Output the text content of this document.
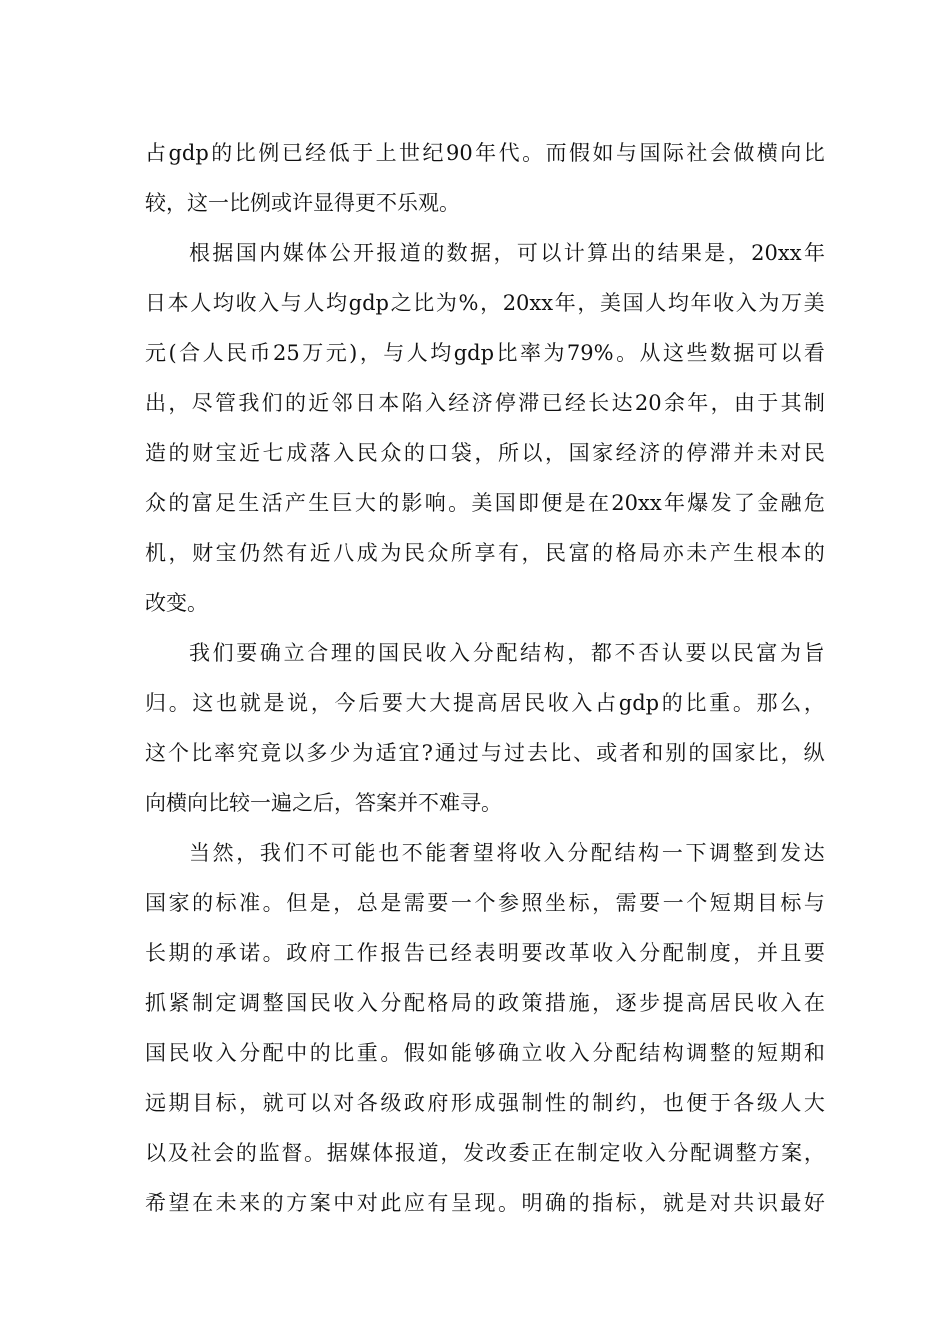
占 gdp 的 比 例 已 经 低 于 上 世 纪 90 年 代 。 而 假 如 与 国 际 社 会 做 横 向 比
较，这一比例或许显得更不乐观。
根 据 国 内 媒 体 公 开 报 道 的 数 据 ， 可 以 计 算 出 的 结 果 是 ， 20xx 年
日 本 人 均 收 入 与 人 均 gdp 之 比 为 % ， 20xx 年 ， 美 国 人 均 年 收 入 为 万 美
元 ( 合 人 民 币 25 万 元 ) ， 与 人 均 gdp 比 率 为 79% 。 从 这 些 数 据 可 以 看
出 ， 尽 管 我 们 的 近 邻 日 本 陷 入 经 济 停 滞 已 经 长 达 20 余 年 ， 由 于 其 制
造 的 财 宝 近 七 成 落 入 民 众 的 口 袋 ， 所 以 ， 国 家 经 济 的 停 滞 并 未 对 民
众 的 富 足 生 活 产 生 巨 大 的 影 响 。 美 国 即 便 是 在 20xx 年 爆 发 了 金 融 危
机 ， 财 宝 仍 然 有 近 八 成 为 民 众 所 享 有 ， 民 富 的 格 局 亦 未 产 生 根 本 的
改变。
我 们 要 确 立 合 理 的 国 民 收 入 分 配 结 构 ， 都 不 否 认 要 以 民 富 为 旨
归 。 这 也 就 是 说 ， 今 后 要 大 大 提 高 居 民 收 入 占 gdp 的 比 重 。 那 么 ，
这 个 比 率 究 竟 以 多 少 为 适 宜 ? 通 过 与 过 去 比 、 或 者 和 别 的 国 家 比 ， 纵
向横向比较一遍之后，答案并不难寻。
当 然 ， 我 们 不 可 能 也 不 能 奢 望 将 收 入 分 配 结 构 一 下 调 整 到 发 达
国 家 的 标 准 。 但 是 ， 总 是 需 要 一 个 参 照 坐 标 ， 需 要 一 个 短 期 目 标 与
长 期 的 承 诺 。 政 府 工 作 报 告 已 经 表 明 要 改 革 收 入 分 配 制 度 ， 并 且 要
抓 紧 制 定 调 整 国 民 收 入 分 配 格 局 的 政 策 措 施 ， 逐 步 提 高 居 民 收 入 在
国 民 收 入 分 配 中 的 比 重 。 假 如 能 够 确 立 收 入 分 配 结 构 调 整 的 短 期 和
远 期 目 标 ， 就 可 以 对 各 级 政 府 形 成 强 制 性 的 制 约 ， 也 便 于 各 级 人 大
以 及 社 会 的 监 督 。 据 媒 体 报 道 ， 发 改 委 正 在 制 定 收 入 分 配 调 整 方 案 ，
希 望 在 未 来 的 方 案 中 对 此 应 有 呈 现 。 明 确 的 指 标 ， 就 是 对 共 识 最 好
